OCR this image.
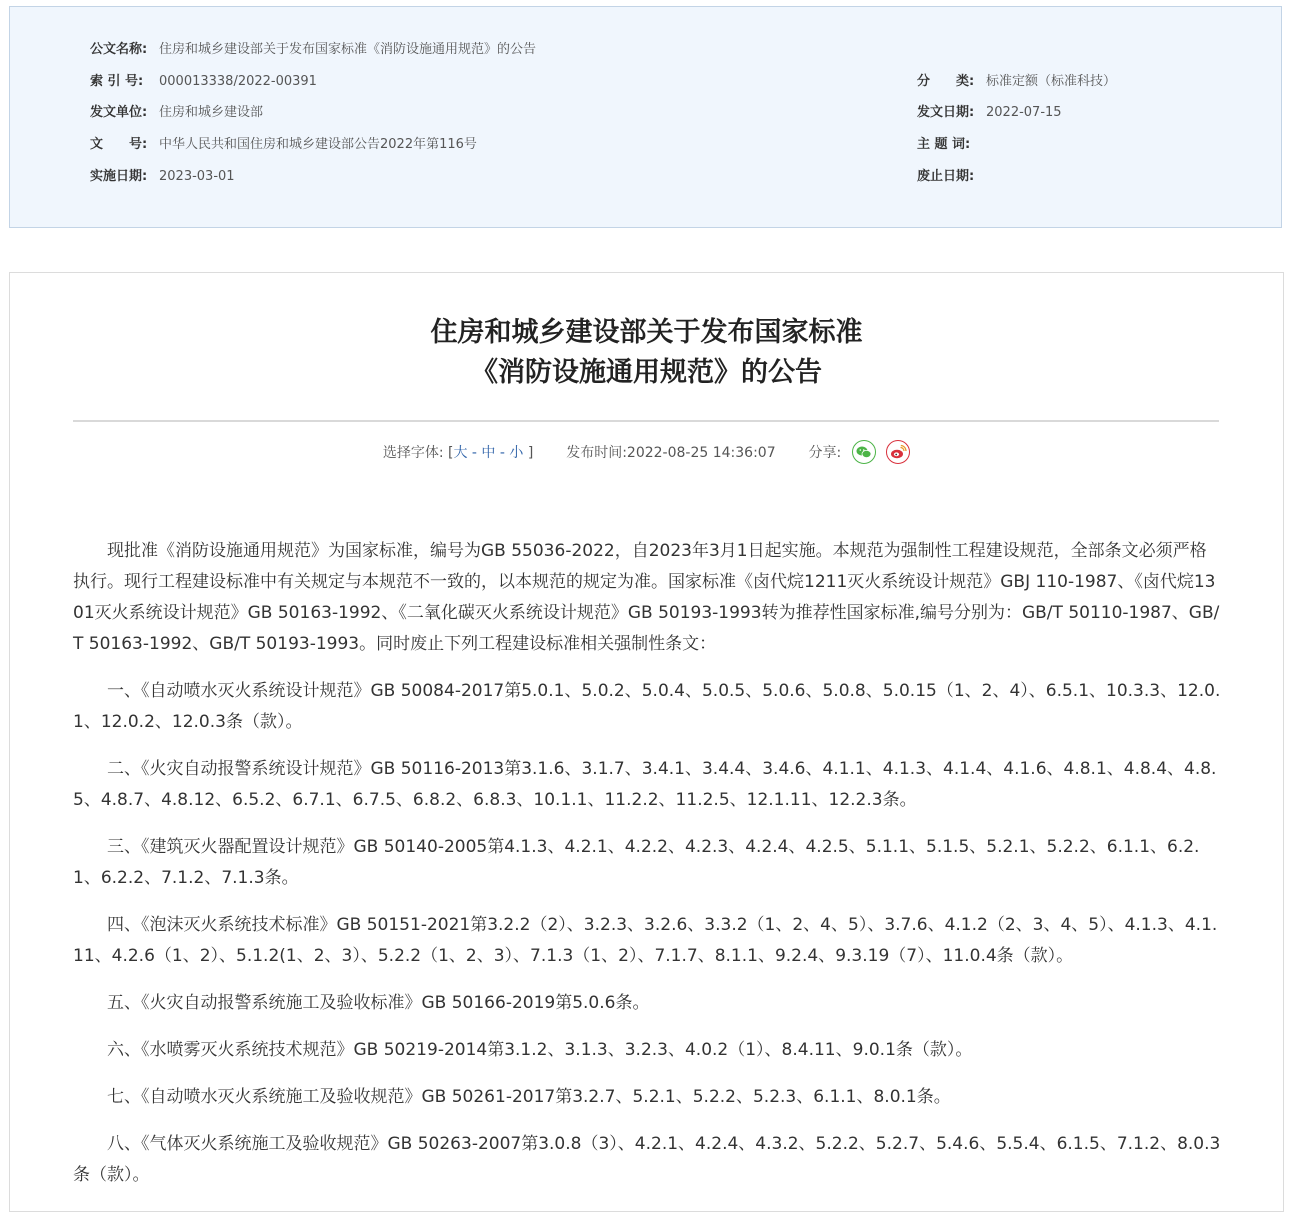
公文名称: 住房和城乡建设部关于发布国家标准《消防设施通用规范》的公告
索 引 号: 000013338/2022-00391	分　　类: 标准定额（标准科技）
发文单位: 住房和城乡建设部	发文日期: 2022-07-15
文　　号: 中华人民共和国住房和城乡建设部公告2022年第116号	主 题 词:
实施日期: 2023-03-01	废止日期:
住房和城乡建设部关于发布国家标准
《消防设施通用规范》的公告
选择字体: [大 - 中 - 小 ] 发布时间:2022-08-25 14:36:07 分享:

现批准《消防设施通用规范》为国家标准，编号为GB 55036-2022，自2023年3月1日起实施。本规范为强制性工程建设规范，全部条文必须严格执行。现行工程建设标准中有关规定与本规范不一致的，以本规范的规定为准。国家标准《卤代烷1211灭火系统设计规范》GBJ 110-1987、《卤代烷1301灭火系统设计规范》GB 50163-1992、《二氧化碳灭火系统设计规范》GB 50193-1993转为推荐性国家标准,编号分别为：GB/T 50110-1987、GB/T 50163-1992、GB/T 50193-1993。同时废止下列工程建设标准相关强制性条文：

一、《自动喷水灭火系统设计规范》GB 50084-2017第5.0.1、5.0.2、5.0.4、5.0.5、5.0.6、5.0.8、5.0.15（1、2、4）、6.5.1、10.3.3、12.0.1、12.0.2、12.0.3条（款）。

二、《火灾自动报警系统设计规范》GB 50116-2013第3.1.6、3.1.7、3.4.1、3.4.4、3.4.6、4.1.1、4.1.3、4.1.4、4.1.6、4.8.1、4.8.4、4.8.5、4.8.7、4.8.12、6.5.2、6.7.1、6.7.5、6.8.2、6.8.3、10.1.1、11.2.2、11.2.5、12.1.11、12.2.3条。

三、《建筑灭火器配置设计规范》GB 50140-2005第4.1.3、4.2.1、4.2.2、4.2.3、4.2.4、4.2.5、5.1.1、5.1.5、5.2.1、5.2.2、6.1.1、6.2.1、6.2.2、7.1.2、7.1.3条。

四、《泡沫灭火系统技术标准》GB 50151-2021第3.2.2（2）、3.2.3、3.2.6、3.3.2（1、2、4、5）、3.7.6、4.1.2（2、3、4、5）、4.1.3、4.1.11、4.2.6（1、2）、5.1.2(1、2、3）、5.2.2（1、2、3）、7.1.3（1、2）、7.1.7、8.1.1、9.2.4、9.3.19（7）、11.0.4条（款）。

五、《火灾自动报警系统施工及验收标准》GB 50166-2019第5.0.6条。

六、《水喷雾灭火系统技术规范》GB 50219-2014第3.1.2、3.1.3、3.2.3、4.0.2（1）、8.4.11、9.0.1条（款）。

七、《自动喷水灭火系统施工及验收规范》GB 50261-2017第3.2.7、5.2.1、5.2.2、5.2.3、6.1.1、8.0.1条。

八、《气体灭火系统施工及验收规范》GB 50263-2007第3.0.8（3）、4.2.1、4.2.4、4.3.2、5.2.2、5.2.7、5.4.6、5.5.4、6.1.5、7.1.2、8.0.3条（款）。
